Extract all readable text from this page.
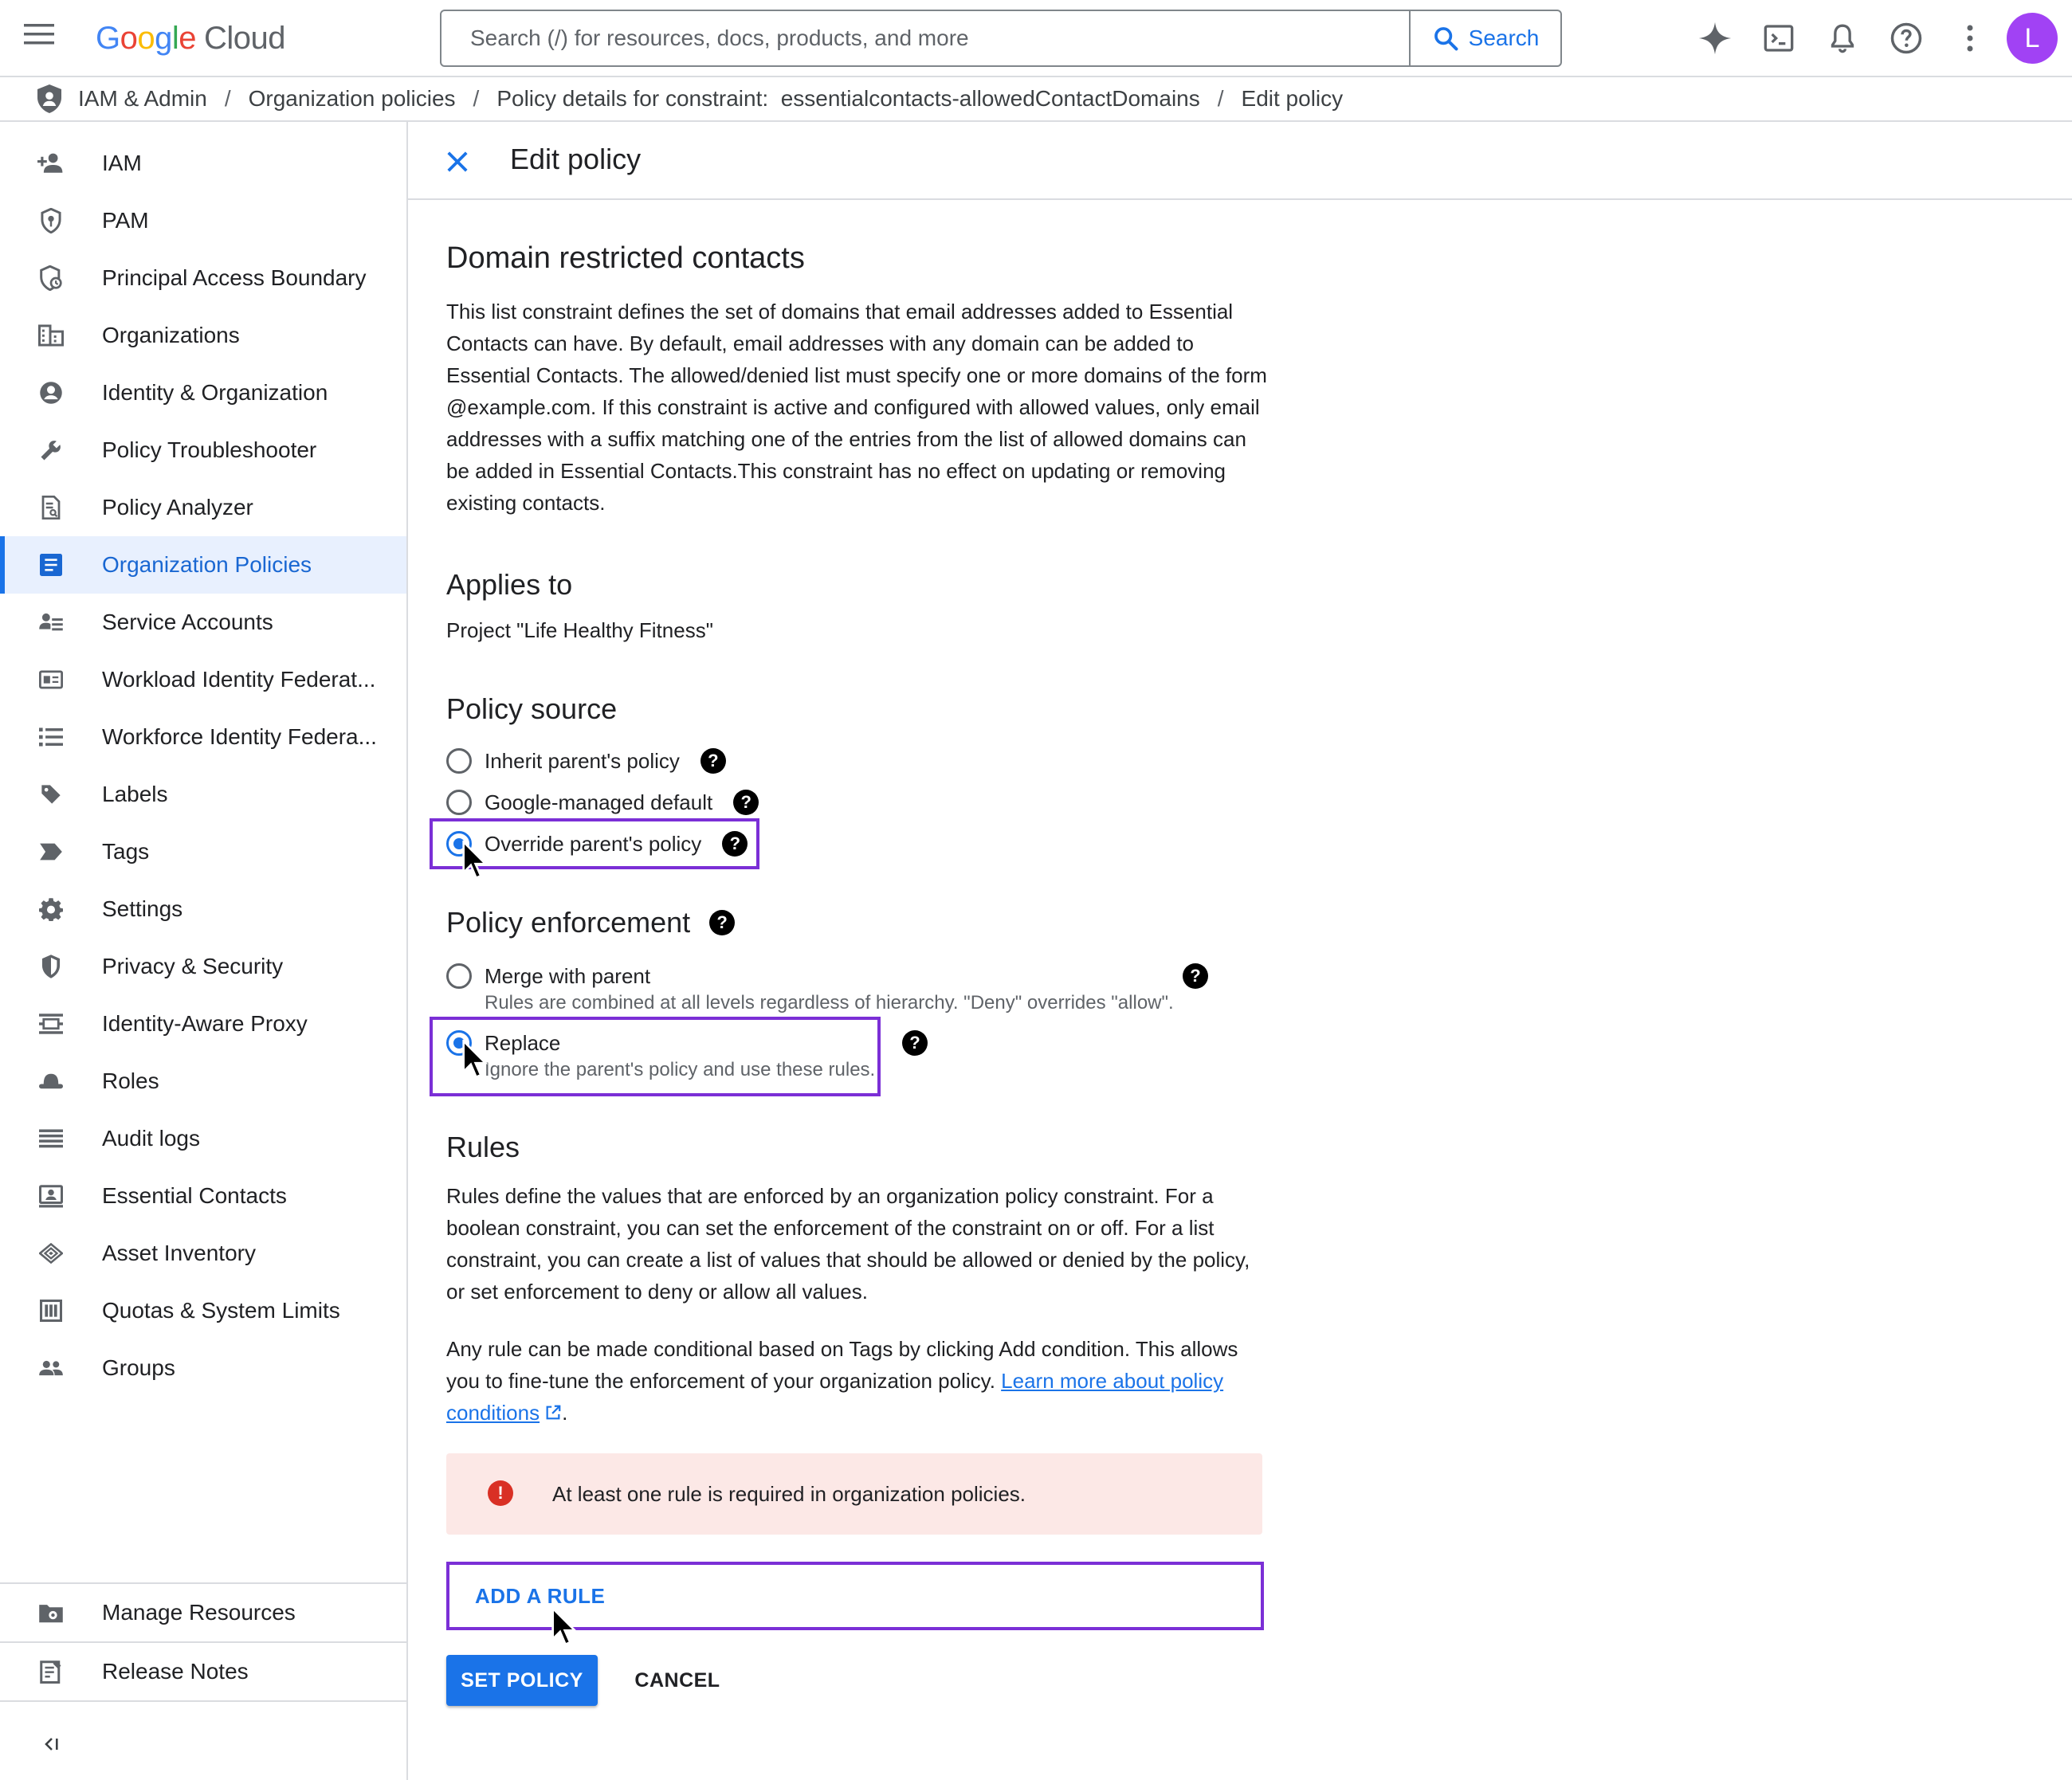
Google Cloud
Search (/) for resources, docs, products, and more	Search	L
IAM & Admin / Organization policies / Policy details for constraint:  essentialcontacts-allowedContactDomains / Edit policy
IAM
PAM
Principal Access Boundary
Organizations
Identity & Organization
Policy Troubleshooter
Policy Analyzer
Organization Policies
Service Accounts
Workload Identity Federat...
Workforce Identity Federa...
Labels
Tags
Settings
Privacy & Security
Identity-Aware Proxy
Roles
Audit logs
Essential Contacts
Asset Inventory
Quotas & System Limits
Groups
Manage Resources
Release Notes
Edit policy
Domain restricted contacts
This list constraint defines the set of domains that email addresses added to Essential Contacts can have. By default, email addresses with any domain can be added to Essential Contacts. The allowed/denied list must specify one or more domains of the form @example.com. If this constraint is active and configured with allowed values, only email addresses with a suffix matching one of the entries from the list of allowed domains can be added in Essential Contacts.This constraint has no effect on updating or removing existing contacts.
Applies to
Project "Life Healthy Fitness"
Policy source
Inherit parent's policy	?
Google-managed default	?
Override parent's policy	?
Policy enforcement	?
Merge with parent
Rules are combined at all levels regardless of hierarchy. "Deny" overrides "allow".
?
Replace
Ignore the parent's policy and use these rules.
?
Rules
Rules define the values that are enforced by an organization policy constraint. For a boolean constraint, you can set the enforcement of the constraint on or off. For a list constraint, you can create a list of values that should be allowed or denied by the policy, or set enforcement to deny or allow all values.
Any rule can be made conditional based on Tags by clicking Add condition. This allows you to fine-tune the enforcement of your organization policy. Learn more about policy conditions .
!	At least one rule is required in organization policies.
ADD A RULE
SET POLICY	CANCEL
